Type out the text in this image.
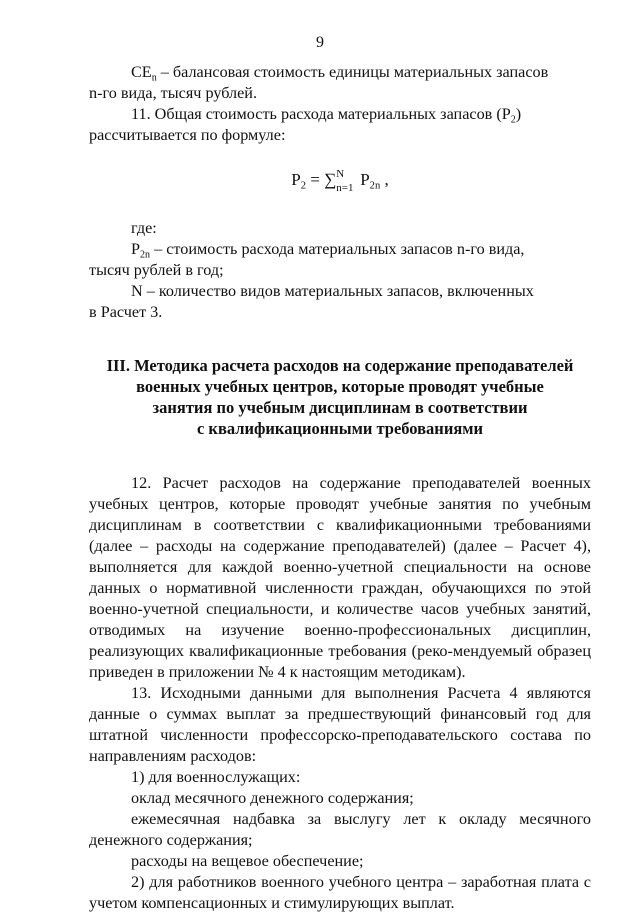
9

$CE_n$ – балансовая стоимость единицы материальных запасов
n-го вида, тысяч рублей.

11. Общая стоимость расхода материальных запасов $(P_2)$
рассчитывается по формуле:

$P_2 = \sum N$
n=1 $P_{2n}$ ,

где:

$P_{2n}$ – стоимость расхода материальных запасов n-го вида,
тысяч рублей в год;

N – количество видов материальных запасов, включенных
в Расчет 3.

III. Методика расчета расходов на содержание преподавателей
военных учебных центров, которые проводят учебные
занятия по учебным дисциплинам в соответствии
с квалификационными требованиями

12. Расчет расходов на содержание преподавателей военных учебных центров, которые проводят учебные занятия по учебным дисциплинам в соответствии с квалификационными требованиями (далее – расходы на содержание преподавателей) (далее – Расчет 4), выполняется для каждой военно-учетной специальности на основе данных о нормативной численности граждан, обучающихся по этой военно-учетной специальности, и количестве часов учебных занятий, отводимых на изучение военно-профессиональных дисциплин, реализующих квалификационные требования (реко-мендуемый образец приведен в приложении № 4 к настоящим методикам).

13. Исходными данными для выполнения Расчета 4 являются данные о суммах выплат за предшествующий финансовый год для штатной численности профессорско-преподавательского состава по направлениям расходов:

1) для военнослужащих:

оклад месячного денежного содержания;

ежемесячная надбавка за выслугу лет к окладу месячного денежного содержания;

расходы на вещевое обеспечение;

2) для работников военного учебного центра – заработная плата с учетом компенсационных и стимулирующих выплат.
